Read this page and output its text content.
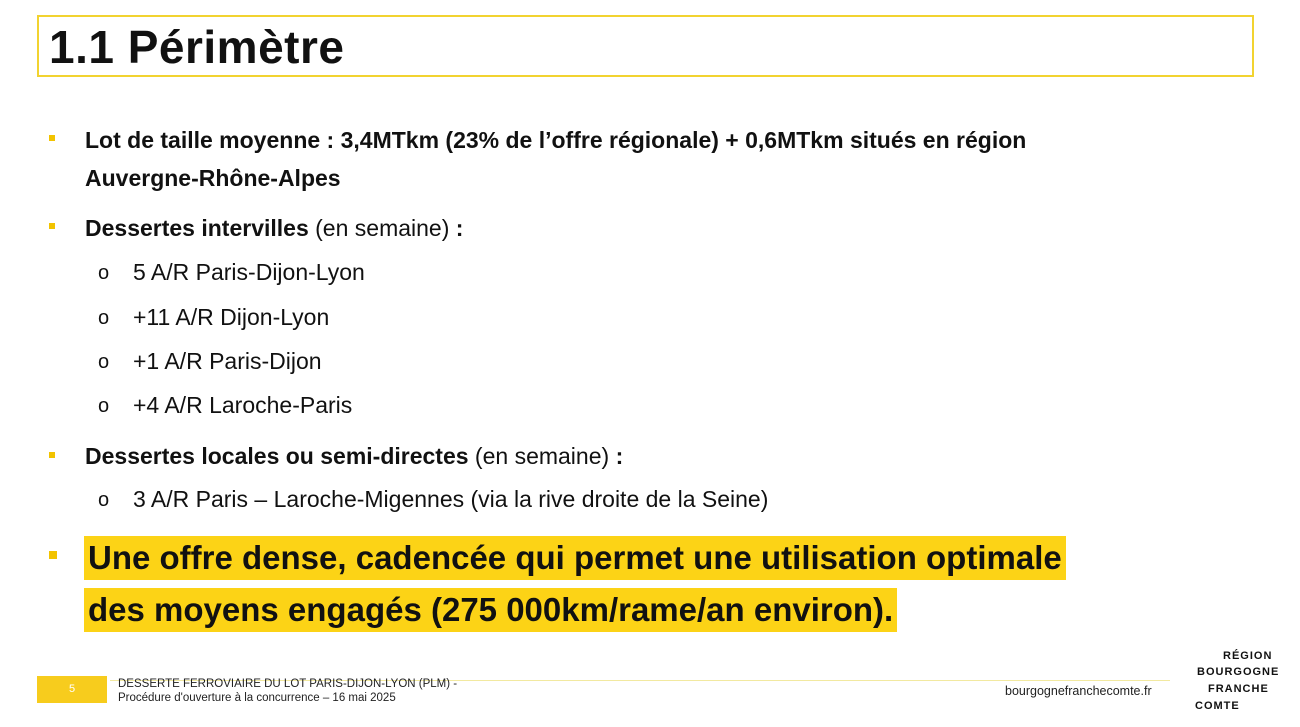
1.1 Périmètre
Lot de taille moyenne : 3,4MTkm (23% de l’offre régionale) + 0,6MTkm situés en région
Auvergne-Rhône-Alpes
Dessertes intervilles (en semaine) :
o 5 A/R Paris-Dijon-Lyon
o +11 A/R Dijon-Lyon
o +1 A/R Paris-Dijon
o +4 A/R Laroche-Paris
Dessertes locales ou semi-directes (en semaine) :
o 3 A/R Paris – Laroche-Migennes (via la rive droite de la Seine)
Une offre dense, cadencée qui permet une utilisation optimale
des moyens engagés (275 000km/rame/an environ).
5	DESSERTE FERROVIAIRE DU LOT PARIS-DIJON-LYON (PLM) -
Procédure d'ouverture à la concurrence – 16 mai 2025	bourgognefranchecomte.fr
RÉGION
BOURGOGNE
FRANCHE
COMTE
